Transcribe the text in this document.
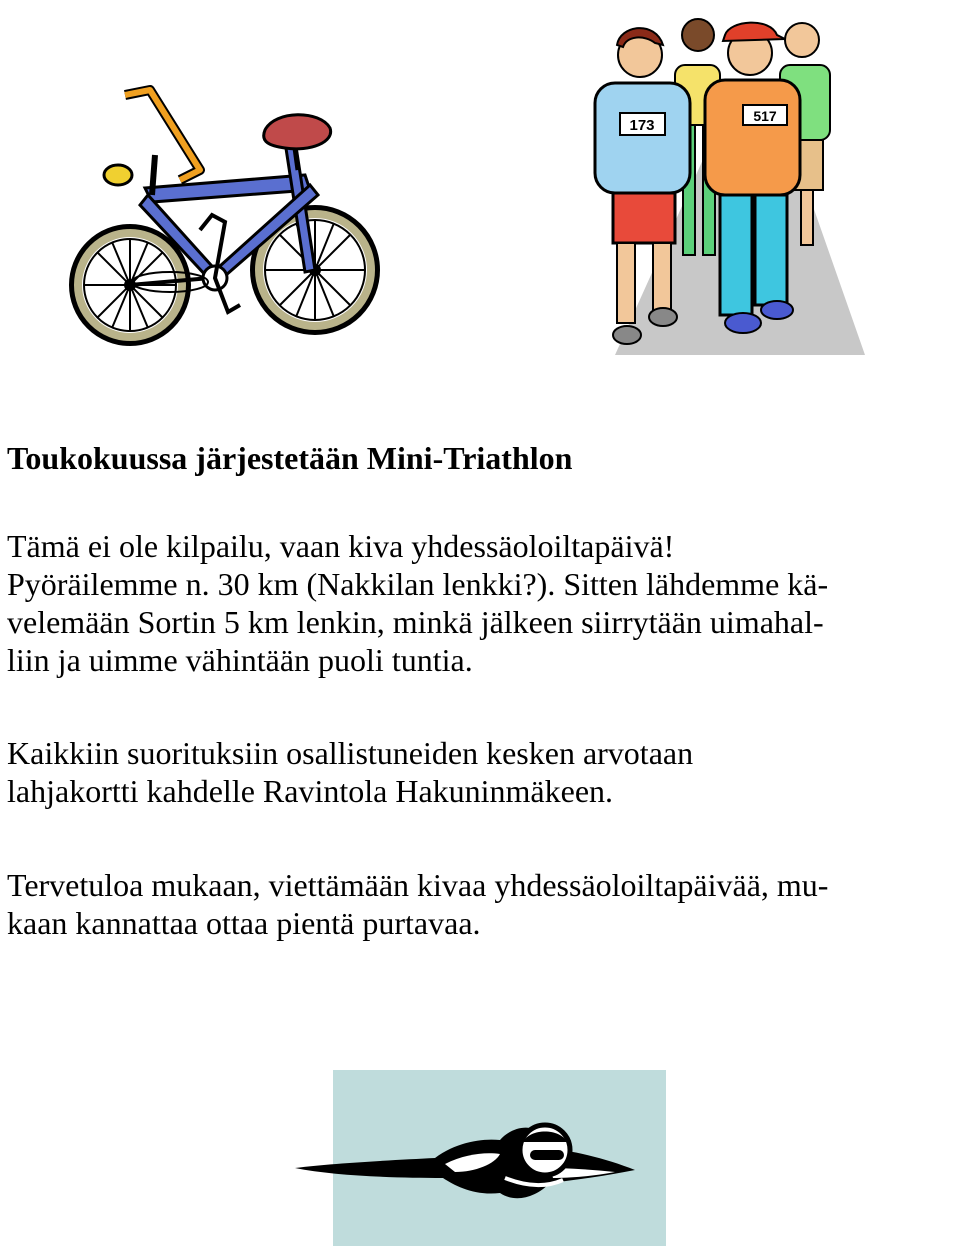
173
517
Toukokuussa järjestetään Mini-Triathlon

Tämä ei ole kilpailu, vaan kiva yhdessäoloiltapäivä!

Pyöräilemme n. 30 km (Nakkilan lenkki?). Sitten lähdemme kä-

velemään Sortin 5 km lenkin, minkä jälkeen siirrytään uimahal-

liin ja uimme vähintään puoli tuntia.

Kaikkiin suorituksiin osallistuneiden kesken arvotaan

lahjakortti kahdelle Ravintola Hakuninmäkeen.

Tervetuloa mukaan, viettämään kivaa yhdessäoloiltapäivää, mu-

kaan kannattaa ottaa pientä purtavaa.
